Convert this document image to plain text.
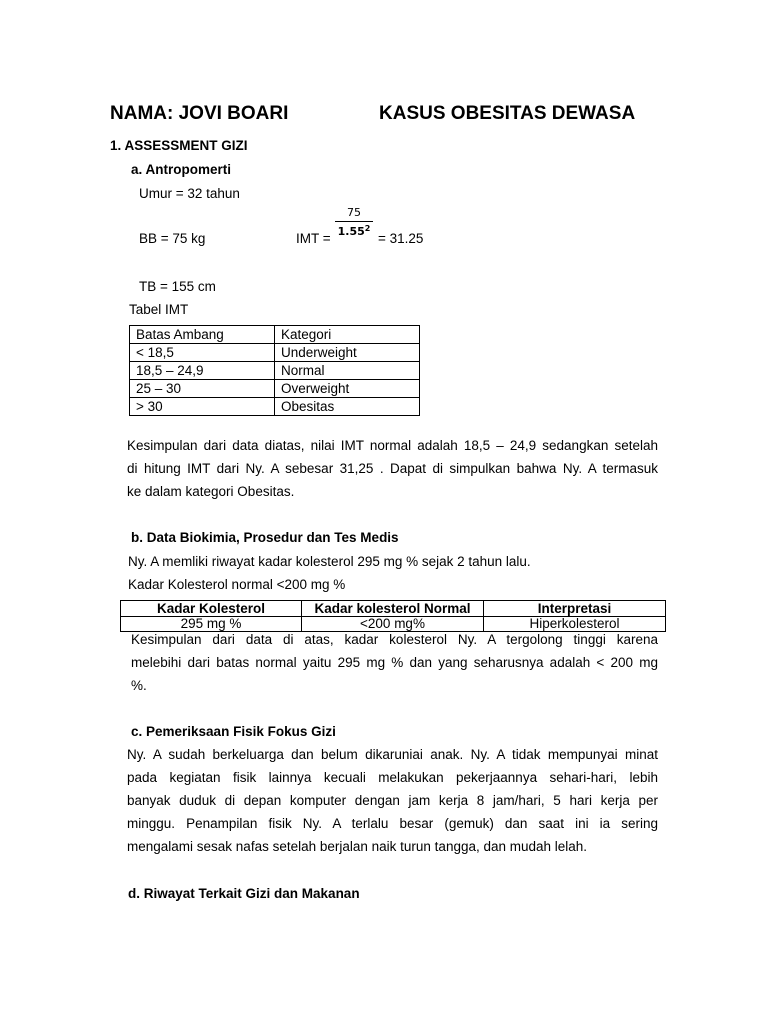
NAMA: JOVI BOARI	KASUS OBESITAS DEWASA
1. ASSESSMENT GIZI
a. Antropomerti
Umur = 32 tahun
BB = 75 kg	IMT =
75
$1.55^2$
= 31.25
TB = 155 cm
Tabel IMT
Batas Ambang	Kategori
< 18,5	Underweight
18,5 – 24,9	Normal
25 – 30	Overweight
> 30	Obesitas
Kesimpulan dari data diatas, nilai IMT normal adalah 18,5 – 24,9 sedangkan setelah
di hitung IMT dari Ny. A sebesar 31,25 . Dapat di simpulkan bahwa Ny. A termasuk
ke dalam kategori Obesitas.
b. Data Biokimia, Prosedur dan Tes Medis
Ny. A memliki riwayat kadar kolesterol 295 mg % sejak 2 tahun lalu.
Kadar Kolesterol normal <200 mg %
Kadar Kolesterol	Kadar kolesterol Normal	Interpretasi
295 mg %	<200 mg%	Hiperkolesterol
Kesimpulan dari data di atas, kadar kolesterol Ny. A tergolong tinggi karena
melebihi dari batas normal yaitu 295 mg % dan yang seharusnya adalah < 200 mg
%.
c. Pemeriksaan Fisik Fokus Gizi
Ny. A sudah berkeluarga dan belum dikaruniai anak. Ny. A tidak mempunyai minat
pada kegiatan fisik lainnya kecuali melakukan pekerjaannya sehari-hari, lebih
banyak duduk di depan komputer dengan jam kerja 8 jam/hari, 5 hari kerja per
minggu. Penampilan fisik Ny. A terlalu besar (gemuk) dan saat ini ia sering
mengalami sesak nafas setelah berjalan naik turun tangga, dan mudah lelah.
d. Riwayat Terkait Gizi dan Makanan
